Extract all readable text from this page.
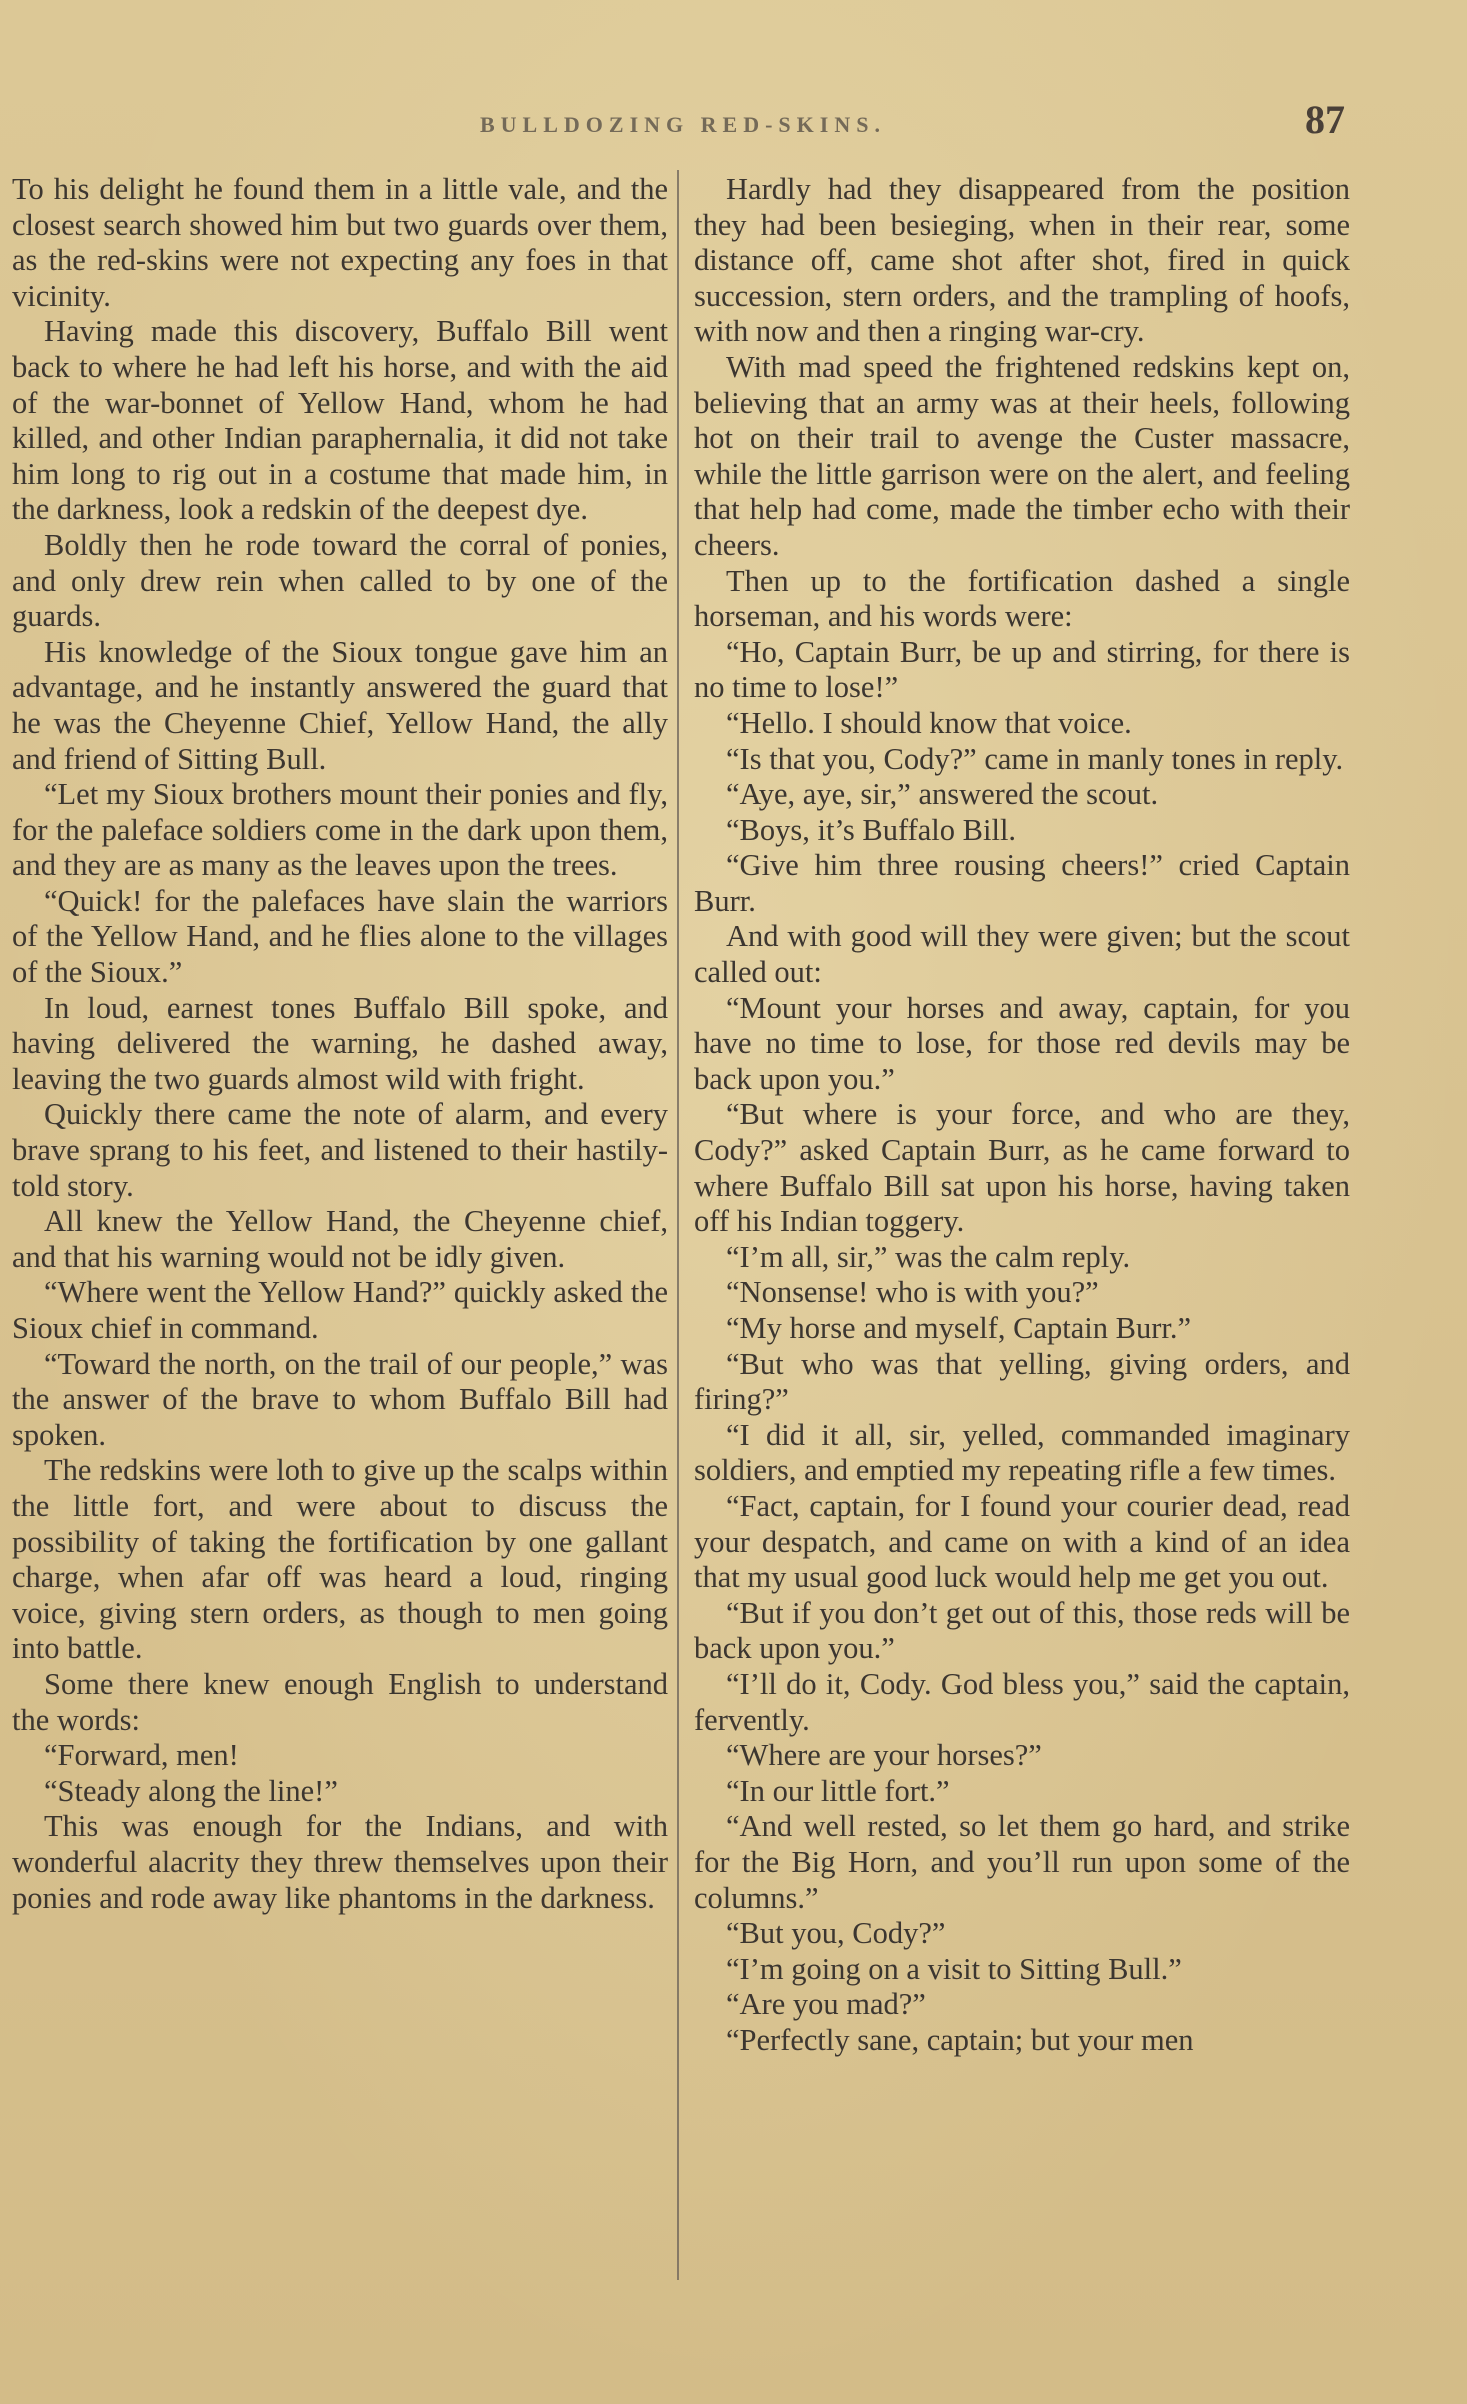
BULLDOZING RED-SKINS.	87

To his delight he found them in a little vale, and the closest search showed him but two guards over them, as the red-skins were not expecting any foes in that vicinity.

Having made this discovery, Buffalo Bill went back to where he had left his horse, and with the aid of the war-bonnet of Yellow Hand, whom he had killed, and other Indian paraphernalia, it did not take him long to rig out in a costume that made him, in the darkness, look a redskin of the deepest dye.

Boldly then he rode toward the corral of ponies, and only drew rein when called to by one of the guards.

His knowledge of the Sioux tongue gave him an advantage, and he instantly answered the guard that he was the Cheyenne Chief, Yellow Hand, the ally and friend of Sitting Bull.

“Let my Sioux brothers mount their ponies and fly, for the paleface soldiers come in the dark upon them, and they are as many as the leaves upon the trees.

“Quick! for the palefaces have slain the warriors of the Yellow Hand, and he flies alone to the villages of the Sioux.”

In loud, earnest tones Buffalo Bill spoke, and having delivered the warning, he dashed away, leaving the two guards almost wild with fright.

Quickly there came the note of alarm, and every brave sprang to his feet, and listened to their hastily-told story.

All knew the Yellow Hand, the Cheyenne chief, and that his warning would not be idly given.

“Where went the Yellow Hand?” quickly asked the Sioux chief in command.

“Toward the north, on the trail of our people,” was the answer of the brave to whom Buffalo Bill had spoken.

The redskins were loth to give up the scalps within the little fort, and were about to discuss the possibility of taking the fortification by one gallant charge, when afar off was heard a loud, ringing voice, giving stern orders, as though to men going into battle.

Some there knew enough English to understand the words:

“Forward, men!

“Steady along the line!”

This was enough for the Indians, and with wonderful alacrity they threw themselves upon their ponies and rode away like phantoms in the darkness.

Hardly had they disappeared from the position they had been besieging, when in their rear, some distance off, came shot after shot, fired in quick succession, stern orders, and the trampling of hoofs, with now and then a ringing war-cry.

With mad speed the frightened redskins kept on, believing that an army was at their heels, following hot on their trail to avenge the Custer massacre, while the little garrison were on the alert, and feeling that help had come, made the timber echo with their cheers.

Then up to the fortification dashed a single horseman, and his words were:

“Ho, Captain Burr, be up and stirring, for there is no time to lose!”

“Hello. I should know that voice.

“Is that you, Cody?” came in manly tones in reply.

“Aye, aye, sir,” answered the scout.

“Boys, it’s Buffalo Bill.

“Give him three rousing cheers!” cried Captain Burr.

And with good will they were given; but the scout called out:

“Mount your horses and away, captain, for you have no time to lose, for those red devils may be back upon you.”

“But where is your force, and who are they, Cody?” asked Captain Burr, as he came forward to where Buffalo Bill sat upon his horse, having taken off his Indian toggery.

“I’m all, sir,” was the calm reply.

“Nonsense! who is with you?”

“My horse and myself, Captain Burr.”

“But who was that yelling, giving orders, and firing?”

“I did it all, sir, yelled, commanded imaginary soldiers, and emptied my repeating rifle a few times.

“Fact, captain, for I found your courier dead, read your despatch, and came on with a kind of an idea that my usual good luck would help me get you out.

“But if you don’t get out of this, those reds will be back upon you.”

“I’ll do it, Cody. God bless you,” said the captain, fervently.

“Where are your horses?”

“In our little fort.”

“And well rested, so let them go hard, and strike for the Big Horn, and you’ll run upon some of the columns.”

“But you, Cody?”

“I’m going on a visit to Sitting Bull.”

“Are you mad?”

“Perfectly sane, captain; but your men
